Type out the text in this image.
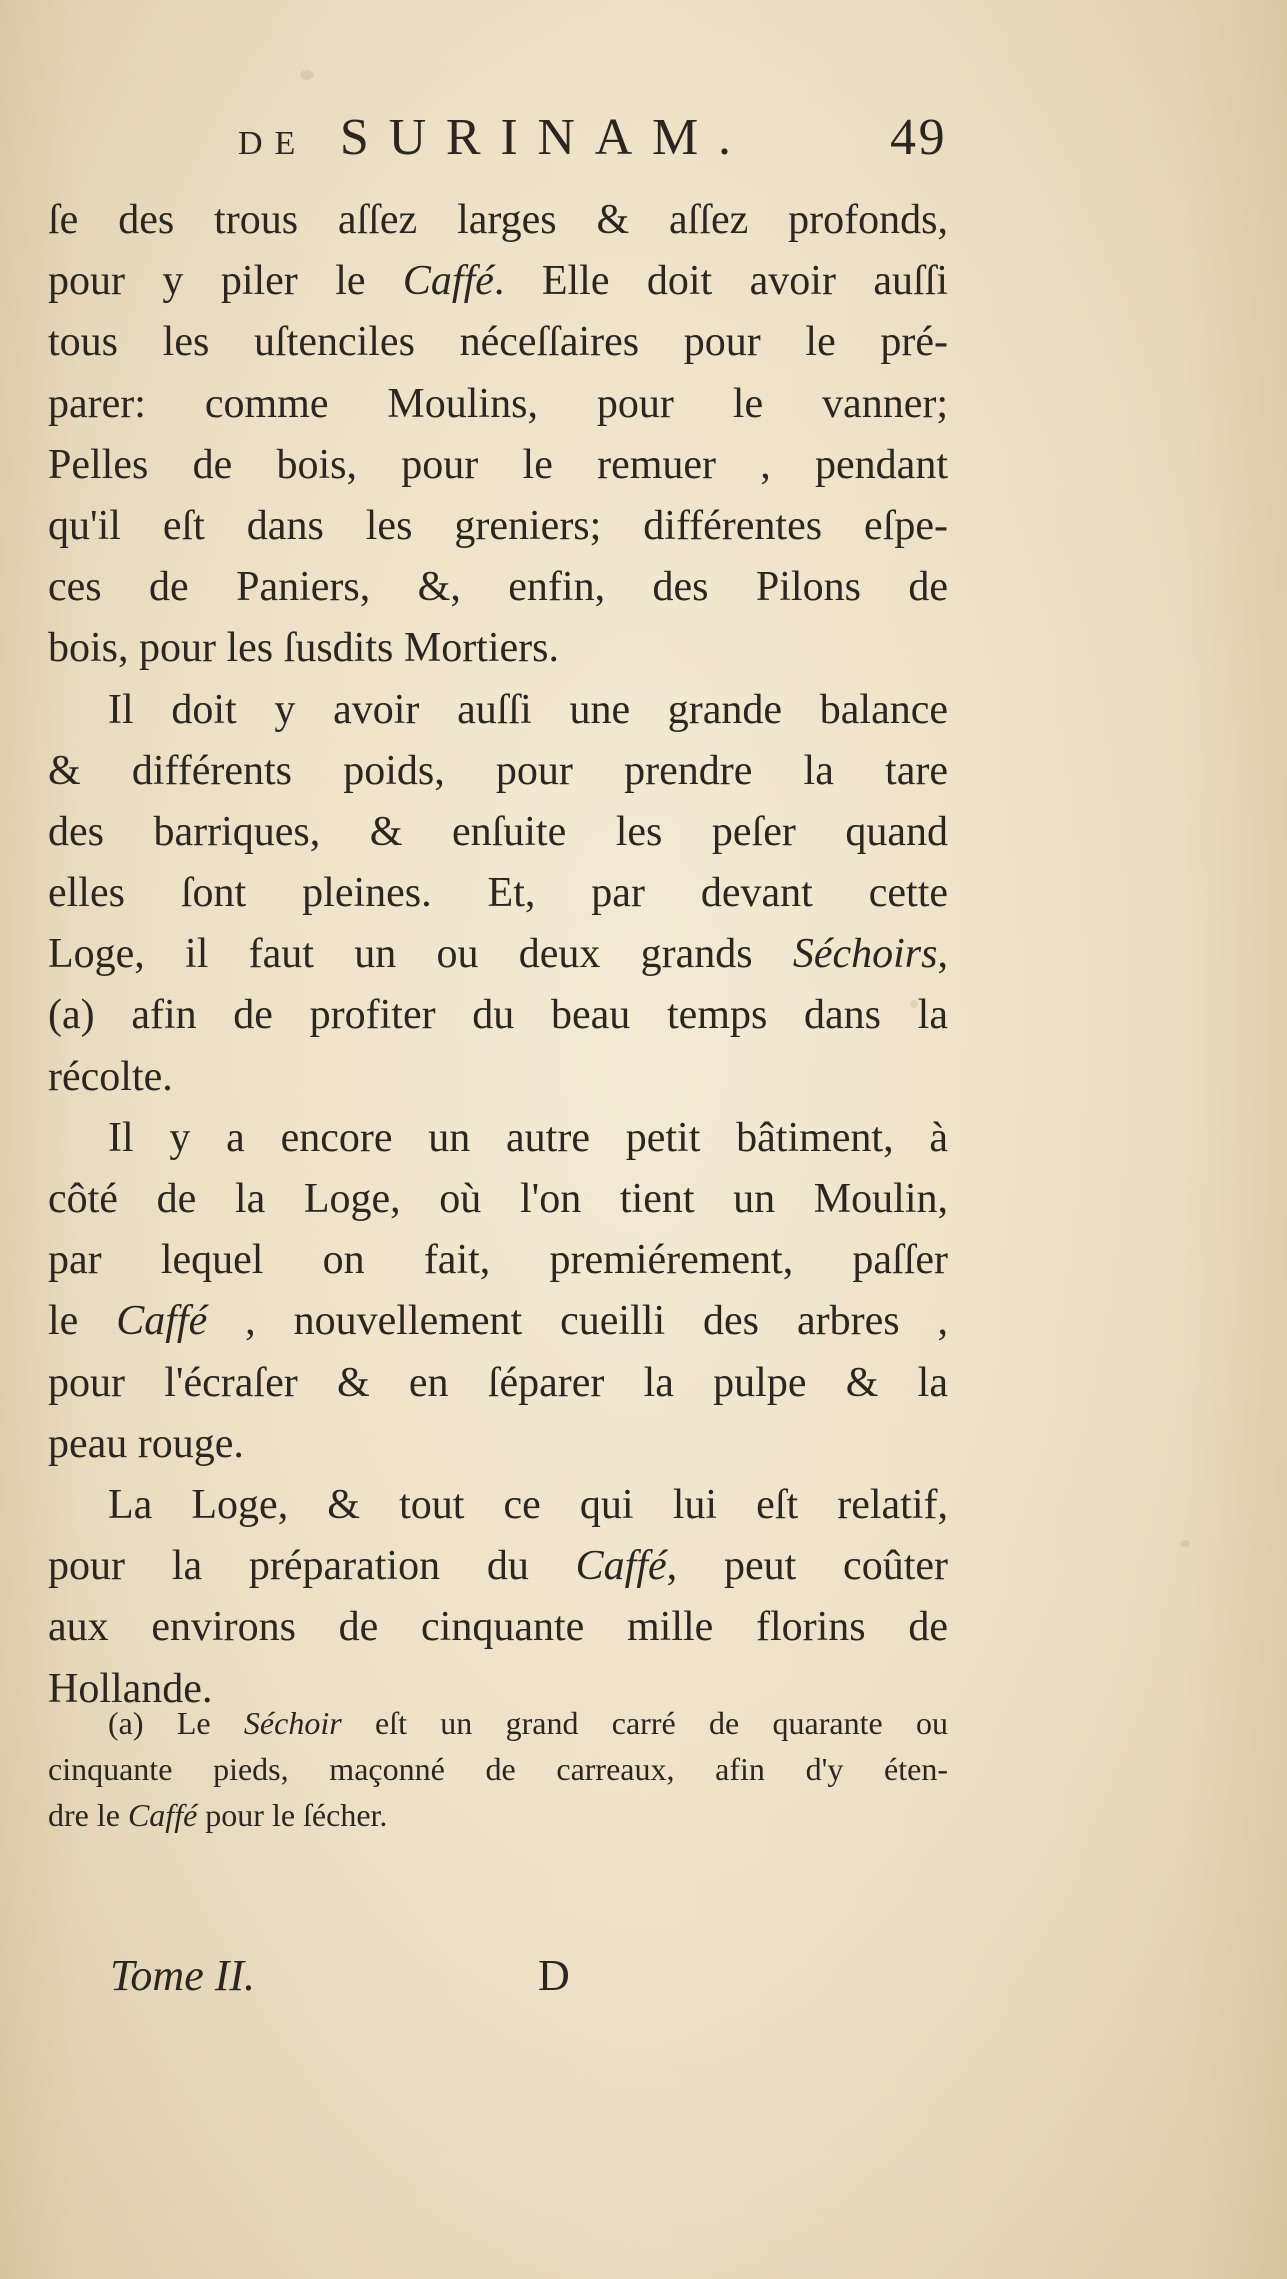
DE SURINAM.	49
ſe des trous aſſez larges & aſſez profonds,
pour y piler le Caffé. Elle doit avoir auſſi
tous les uſtenciles néceſſaires pour le pré-
parer: comme Moulins, pour le vanner;
Pelles de bois, pour le remuer , pendant
qu'il eſt dans les greniers; différentes eſpe-
ces de Paniers, &, enfin, des Pilons de
bois, pour les ſusdits Mortiers.
Il doit y avoir auſſi une grande balance
& différents poids, pour prendre la tare
des barriques, & enſuite les peſer quand
elles ſont pleines. Et, par devant cette
Loge, il faut un ou deux grands Séchoirs,
(a) afin de profiter du beau temps dans la
récolte.
Il y a encore un autre petit bâtiment, à
côté de la Loge, où l'on tient un Moulin,
par lequel on fait, premiérement, paſſer
le Caffé , nouvellement cueilli des arbres ,
pour l'écraſer & en ſéparer la pulpe & la
peau rouge.
La Loge, & tout ce qui lui eſt relatif,
pour la préparation du Caffé, peut coûter
aux environs de cinquante mille florins de
Hollande.
(a) Le Séchoir eſt un grand carré de quarante ou
cinquante pieds, maçonné de carreaux, afin d'y éten-
dre le Caffé pour le ſécher.
Tome II.	D
